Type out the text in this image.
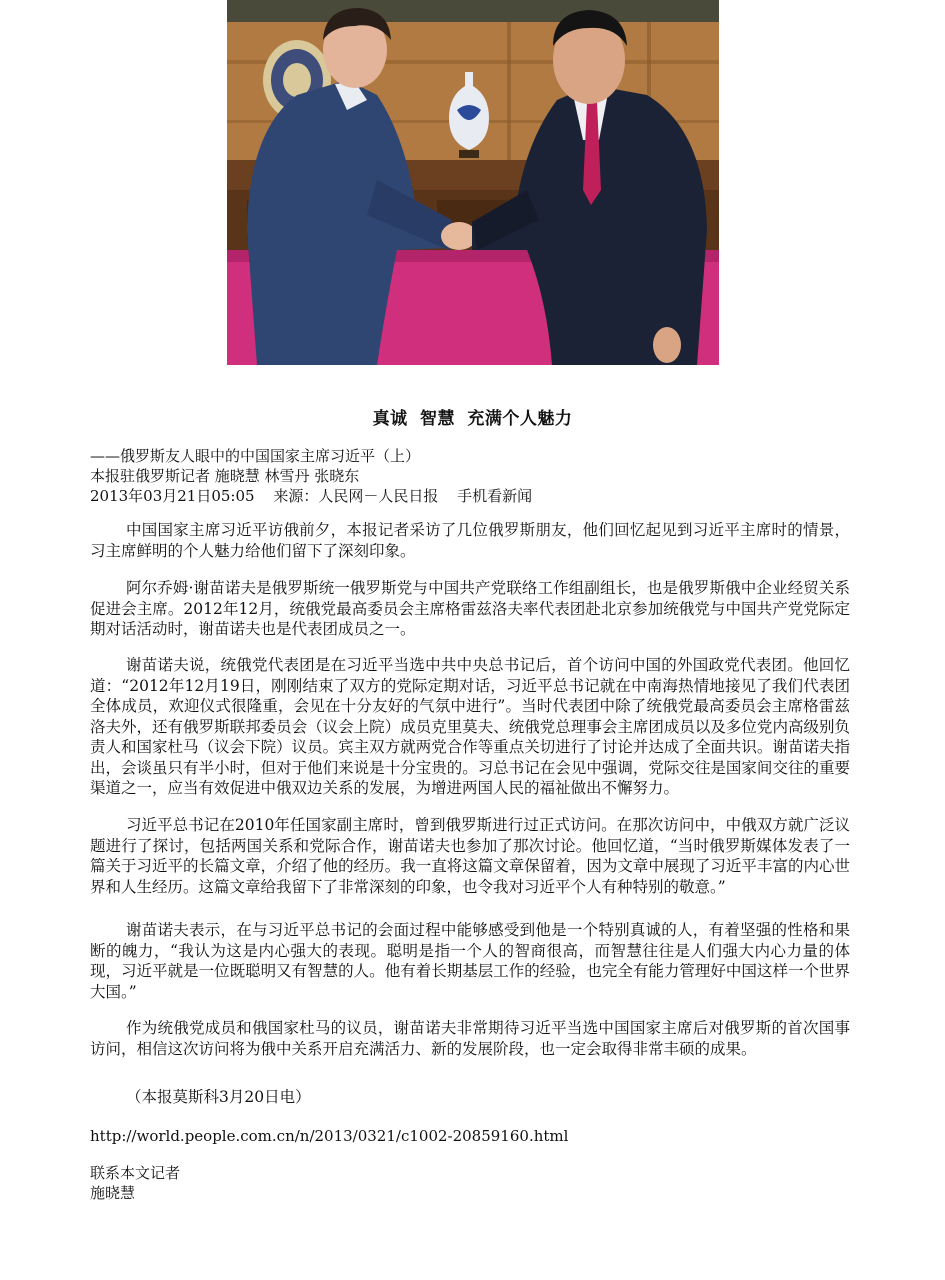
真诚 智慧 充满个人魅力
——俄罗斯友人眼中的中国国家主席习近平（上）
本报驻俄罗斯记者 施晓慧 林雪丹 张晓东
2013年03月21日05:05 来源：人民网－人民日报 手机看新闻
中国国家主席习近平访俄前夕，本报记者采访了几位俄罗斯朋友，他们回忆起见到习近平主席时的情景，习主席鲜明的个人魅力给他们留下了深刻印象。
阿尔乔姆·谢苗诺夫是俄罗斯统一俄罗斯党与中国共产党联络工作组副组长，也是俄罗斯俄中企业经贸关系促进会主席。2012年12月，统俄党最高委员会主席格雷兹洛夫率代表团赴北京参加统俄党与中国共产党党际定期对话活动时，谢苗诺夫也是代表团成员之一。
谢苗诺夫说，统俄党代表团是在习近平当选中共中央总书记后，首个访问中国的外国政党代表团。他回忆道：“2012年12月19日，刚刚结束了双方的党际定期对话，习近平总书记就在中南海热情地接见了我们代表团全体成员，欢迎仪式很隆重，会见在十分友好的气氛中进行”。当时代表团中除了统俄党最高委员会主席格雷兹洛夫外，还有俄罗斯联邦委员会（议会上院）成员克里莫夫、统俄党总理事会主席团成员以及多位党内高级别负责人和国家杜马（议会下院）议员。宾主双方就两党合作等重点关切进行了讨论并达成了全面共识。谢苗诺夫指出，会谈虽只有半小时，但对于他们来说是十分宝贵的。习总书记在会见中强调，党际交往是国家间交往的重要渠道之一，应当有效促进中俄双边关系的发展，为增进两国人民的福祉做出不懈努力。
习近平总书记在2010年任国家副主席时，曾到俄罗斯进行过正式访问。在那次访问中，中俄双方就广泛议题进行了探讨，包括两国关系和党际合作，谢苗诺夫也参加了那次讨论。他回忆道，“当时俄罗斯媒体发表了一篇关于习近平的长篇文章，介绍了他的经历。我一直将这篇文章保留着，因为文章中展现了习近平丰富的内心世界和人生经历。这篇文章给我留下了非常深刻的印象，也令我对习近平个人有种特别的敬意。”
谢苗诺夫表示，在与习近平总书记的会面过程中能够感受到他是一个特别真诚的人，有着坚强的性格和果断的魄力，“我认为这是内心强大的表现。聪明是指一个人的智商很高，而智慧往往是人们强大内心力量的体现，习近平就是一位既聪明又有智慧的人。他有着长期基层工作的经验，也完全有能力管理好中国这样一个世界大国。”
作为统俄党成员和俄国家杜马的议员，谢苗诺夫非常期待习近平当选中国国家主席后对俄罗斯的首次国事访问，相信这次访问将为俄中关系开启充满活力、新的发展阶段，也一定会取得非常丰硕的成果。
（本报莫斯科3月20日电）
http://world.people.com.cn/n/2013/0321/c1002-20859160.html
联系本文记者
施晓慧
